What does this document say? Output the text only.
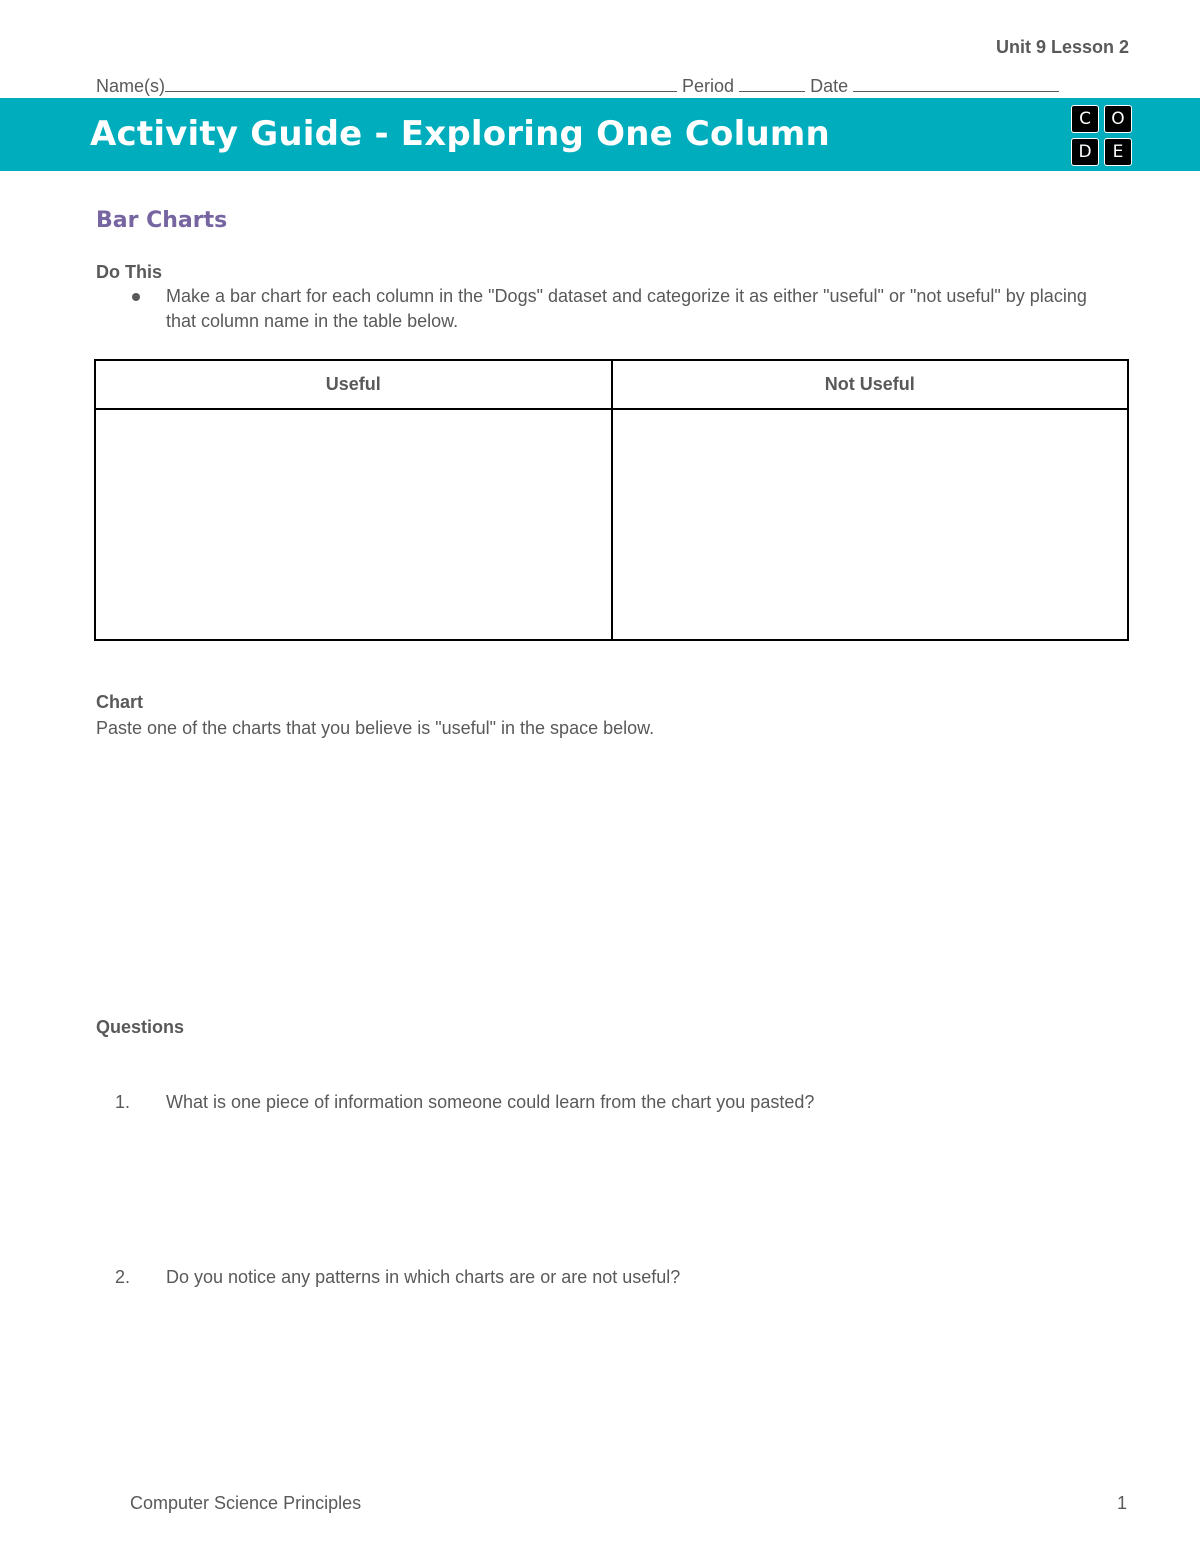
Unit 9 Lesson 2
Name(s)	Period	Date
Activity Guide - Exploring One Column	C	O
D	E
Bar Charts
Do This
Make a bar chart for each column in the "Dogs" dataset and categorize it as either "useful" or "not useful" by placing that column name in the table below.
Useful	Not Useful

Chart
Paste one of the charts that you believe is "useful" in the space below.
Questions
1. What is one piece of information someone could learn from the chart you pasted?
2. Do you notice any patterns in which charts are or are not useful?
Computer Science Principles	1
